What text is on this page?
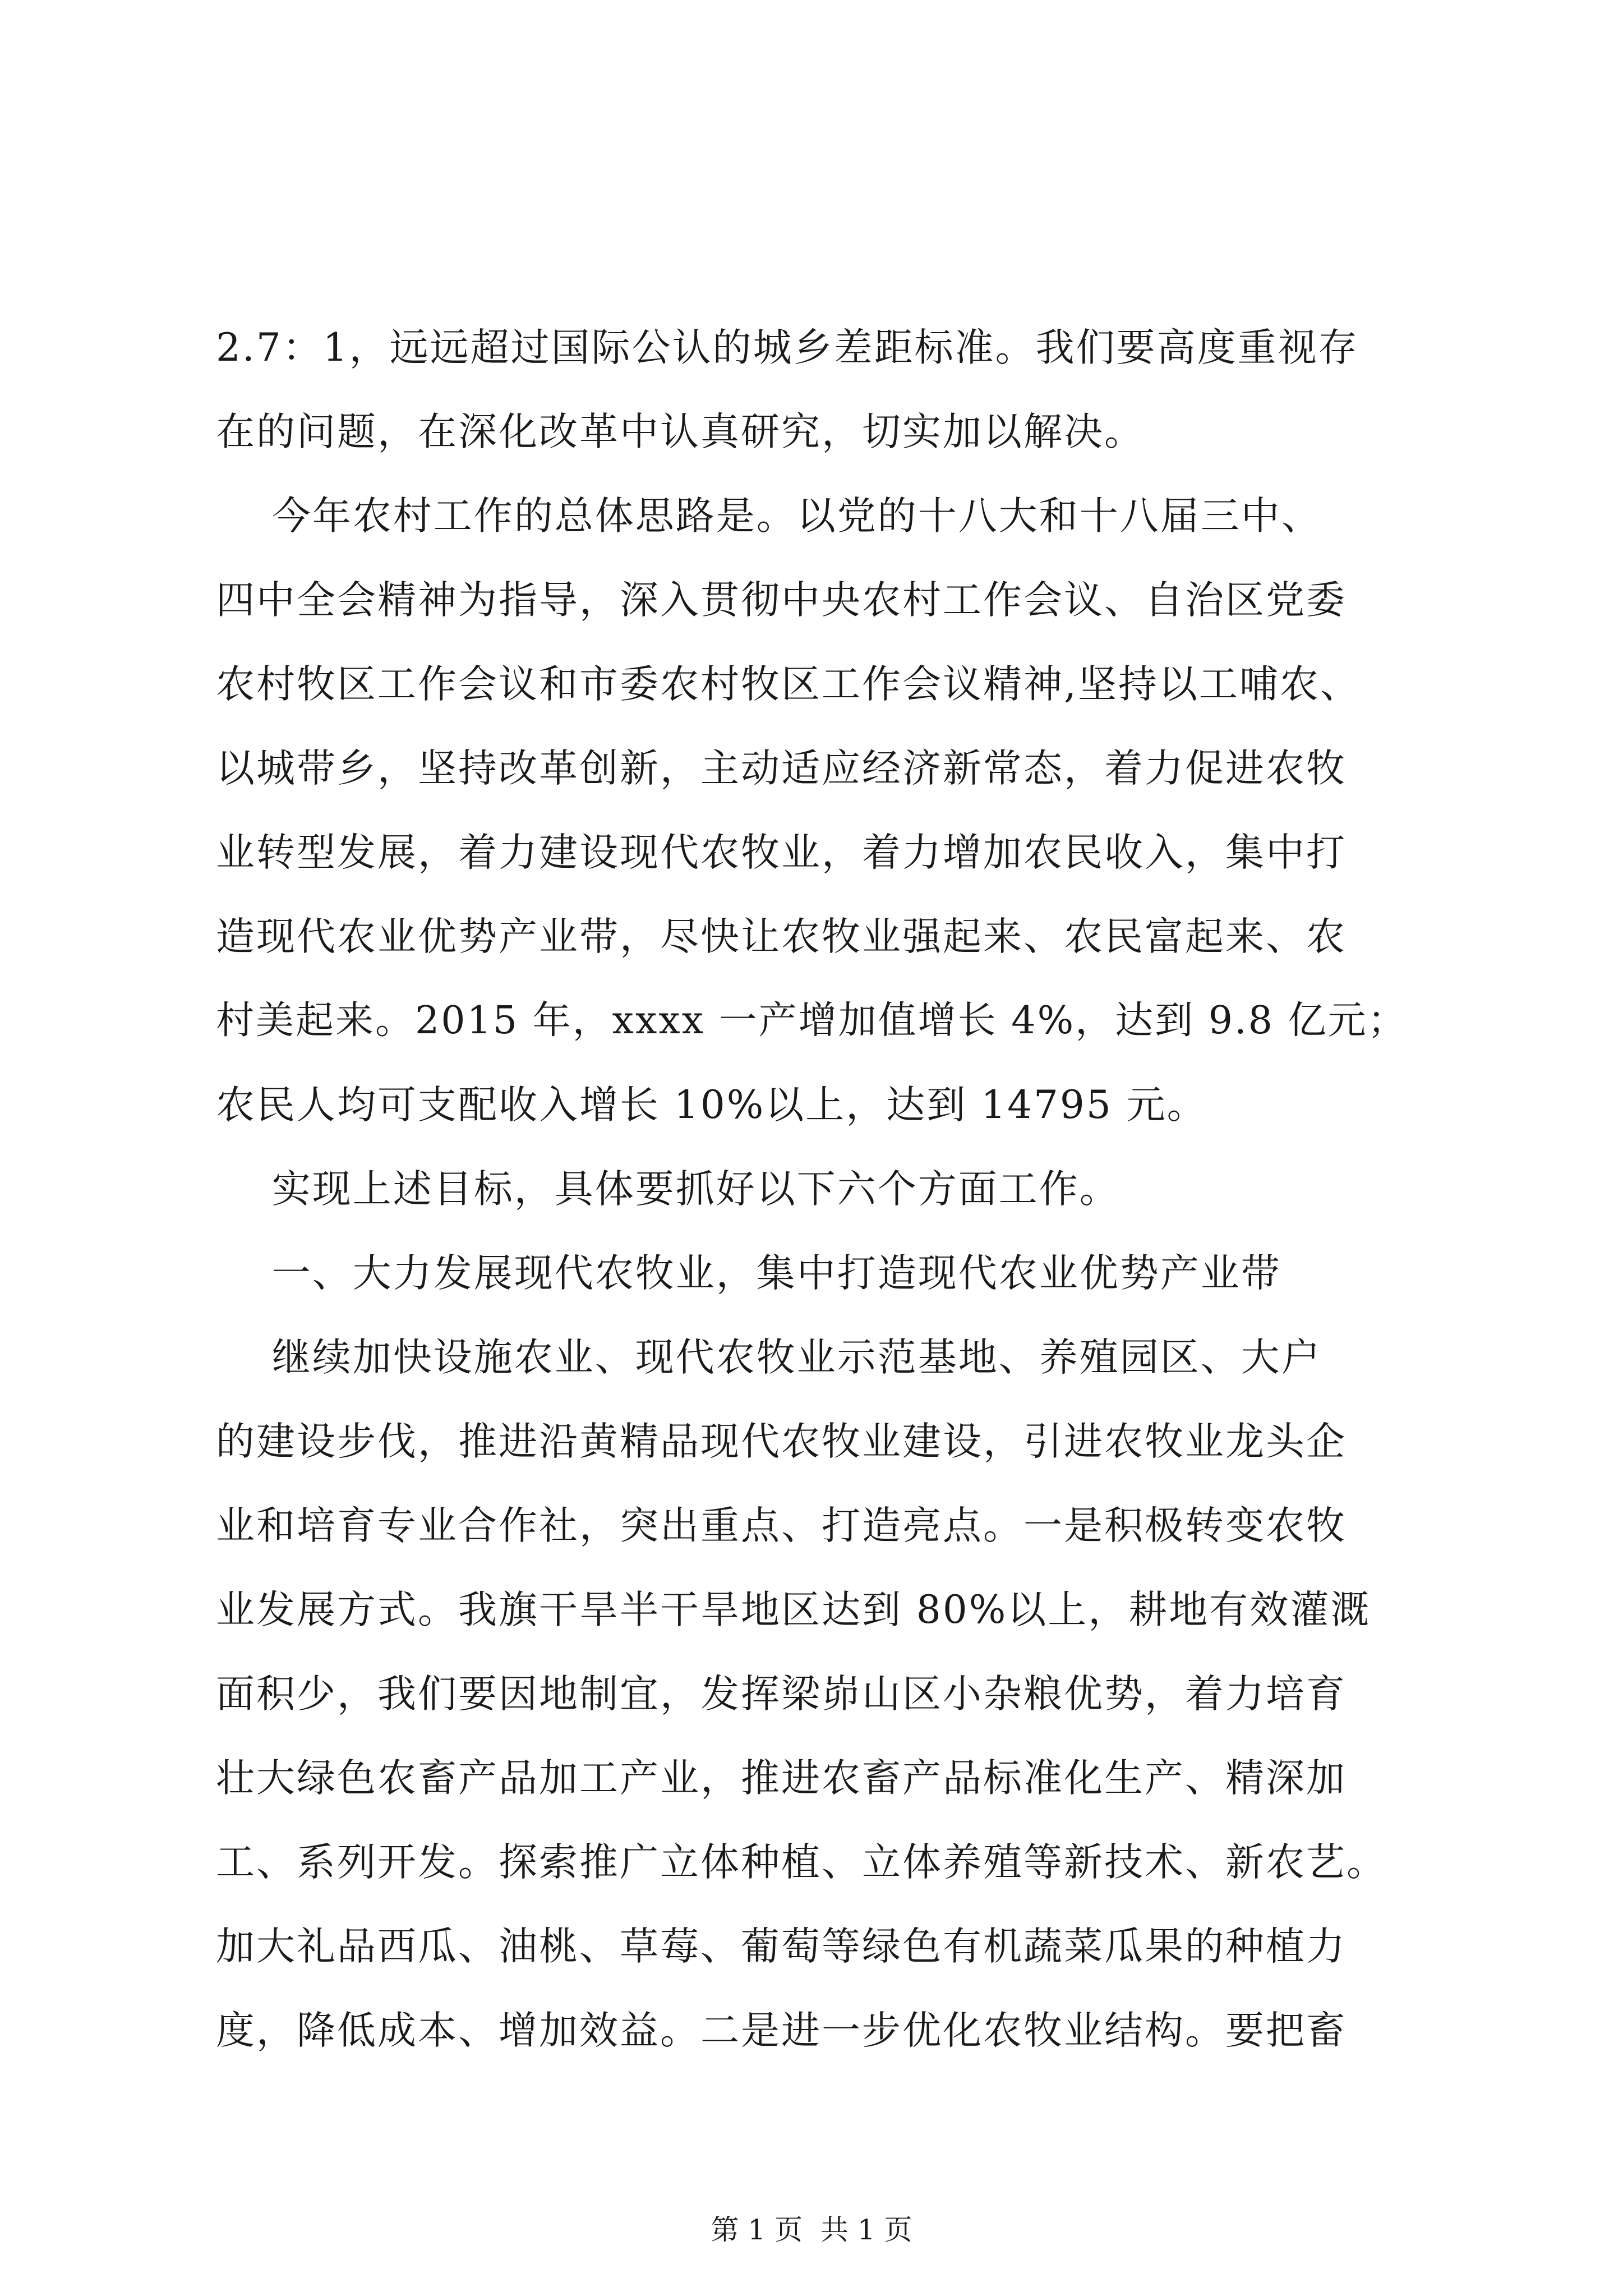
2.7：1，远远超过国际公认的城乡差距标准。我们要高度重视存
在的问题，在深化改革中认真研究，切实加以解决。
今年农村工作的总体思路是。以党的十八大和十八届三中、
四中全会精神为指导，深入贯彻中央农村工作会议、自治区党委
农村牧区工作会议和市委农村牧区工作会议精神,坚持以工哺农、
以城带乡，坚持改革创新，主动适应经济新常态，着力促进农牧
业转型发展，着力建设现代农牧业，着力增加农民收入，集中打
造现代农业优势产业带，尽快让农牧业强起来、农民富起来、农
村美起来。2015 年，xxxx 一产增加值增长 4%，达到 9.8 亿元；
农民人均可支配收入增长 10%以上，达到 14795 元。
实现上述目标，具体要抓好以下六个方面工作。
一、大力发展现代农牧业，集中打造现代农业优势产业带
继续加快设施农业、现代农牧业示范基地、养殖园区、大户
的建设步伐，推进沿黄精品现代农牧业建设，引进农牧业龙头企
业和培育专业合作社，突出重点、打造亮点。一是积极转变农牧
业发展方式。我旗干旱半干旱地区达到 80%以上，耕地有效灌溉
面积少，我们要因地制宜，发挥梁峁山区小杂粮优势，着力培育
壮大绿色农畜产品加工产业，推进农畜产品标准化生产、精深加
工、系列开发。探索推广立体种植、立体养殖等新技术、新农艺。
加大礼品西瓜、油桃、草莓、葡萄等绿色有机蔬菜瓜果的种植力
度，降低成本、增加效益。二是进一步优化农牧业结构。要把畜
第 1 页  共 1 页
